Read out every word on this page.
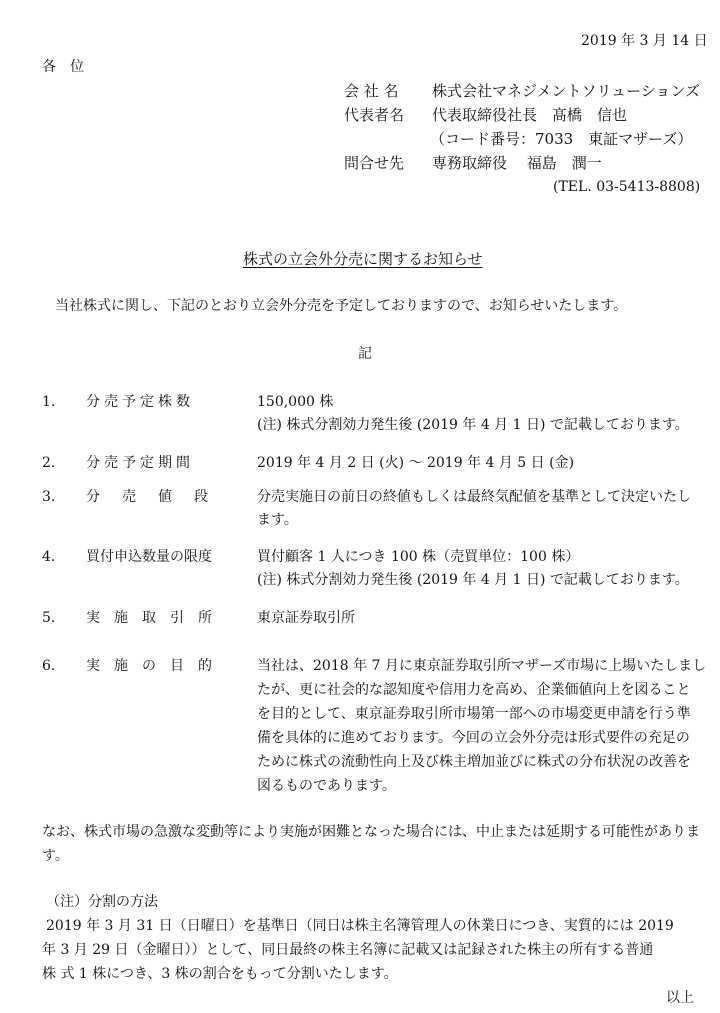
2019 年 3 月 14 日

各　位

会 社 名 株式会社マネジメントソリューションズ

代表者名 代表取締役社長　髙橋　信也

（コード番号：7033　東証マザーズ）

問合せ先 専務取締役　 福島　潤一

(TEL. 03-5413-8808)

株式の立会外分売に関するお知らせ

当社株式に関し、下記のとおり立会外分売を予定しておりますので、お知らせいたします。

記

1． 分売予定株数	150,000 株

(注) 株式分割効力発生後 (2019 年 4 月 1 日) で記載しております。

2． 分売予定期間	2019 年 4 月 2 日 (火) 〜 2019 年 4 月 5 日 (金)

3． 分　売　値　段	分売実施日の前日の終値もしくは最終気配値を基準として決定いたし

ます。

4． 買付申込数量の限度	買付顧客 1 人につき 100 株（売買単位：100 株）

(注) 株式分割効力発生後 (2019 年 4 月 1 日) で記載しております。

5． 実施取引所 東京証券取引所

6． 実施の目的 当社は、2018 年 7 月に東京証券取引所マザーズ市場に上場いたしまし

たが、更に社会的な認知度や信用力を高め、企業価値向上を図ること

を目的として、東京証券取引所市場第一部への市場変更申請を行う準

備を具体的に進めております。今回の立会外分売は形式要件の充足の

ために株式の流動性向上及び株主増加並びに株式の分布状況の改善を

図るものであります。

なお、株式市場の急激な変動等により実施が困難となった場合には、中止または延期する可能性がありま

す。

（注）分割の方法

2019 年 3 月 31 日（日曜日）を基準日（同日は株主名簿管理人の休業日につき、実質的には 2019

年 3 月 29 日（金曜日））として、同日最終の株主名簿に記載又は記録された株主の所有する普通

株 式 1 株につき、3 株の割合をもって分割いたします。

以上
